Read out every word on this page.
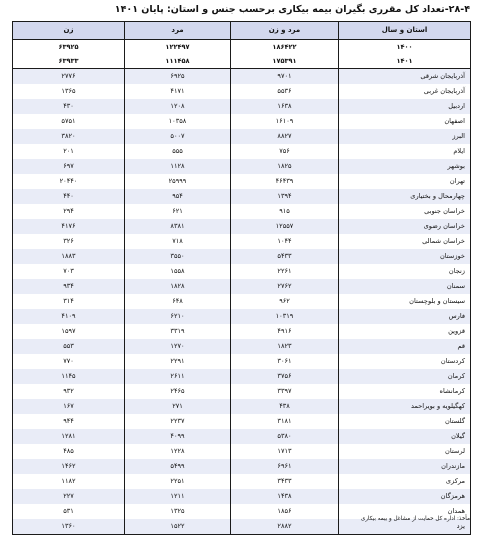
۲۸-۴-تعداد کل مقرری بگیران بیمه بیکاری برحسب جنس و استان: پایان ۱۴۰۱
زن	مرد	مرد و زن	استان و سال
۶۳۹۲۵	۱۲۲۴۹۷	۱۸۶۴۲۲	۱۴۰۰
۶۳۹۳۳	۱۱۱۴۵۸	۱۷۵۳۹۱	۱۴۰۱
۲۷۷۶	۶۹۲۵	۹۷۰۱	آذربایجان شرقی
۱۳۶۵	۴۱۷۱	۵۵۳۶	آذربایجان غربی
۴۳۰	۱۲۰۸	۱۶۳۸	اردبیل
۵۷۵۱	۱۰۳۵۸	۱۶۱۰۹	اصفهان
۳۸۲۰	۵۰۰۷	۸۸۲۷	البرز
۲۰۱	۵۵۵	۷۵۶	ایلام
۶۹۷	۱۱۲۸	۱۸۲۵	بوشهر
۲۰۴۴۰	۲۵۹۹۹	۴۶۴۳۹	تهران
۴۴۰	۹۵۴	۱۳۹۴	چهارمحال و بختیاری
۲۹۴	۶۲۱	۹۱۵	خراسان جنوبی
۴۱۷۶	۸۳۸۱	۱۲۵۵۷	خراسان رضوی
۳۲۶	۷۱۸	۱۰۴۴	خراسان شمالی
۱۸۸۳	۳۵۵۰	۵۴۳۳	خوزستان
۷۰۳	۱۵۵۸	۲۲۶۱	زنجان
۹۳۴	۱۸۲۸	۲۷۶۲	سمنان
۳۱۴	۶۴۸	۹۶۲	سیستان و بلوچستان
۴۱۰۹	۶۲۱۰	۱۰۳۱۹	فارس
۱۵۹۷	۳۳۱۹	۴۹۱۶	قزوین
۵۵۳	۱۲۷۰	۱۸۲۳	قم
۷۷۰	۲۲۹۱	۳۰۶۱	کردستان
۱۱۴۵	۲۶۱۱	۳۷۵۶	کرمان
۹۳۲	۲۴۶۵	۳۳۹۷	کرمانشاه
۱۶۷	۲۷۱	۴۳۸	کهگیلویه و بویراحمد
۹۴۴	۲۲۳۷	۳۱۸۱	گلستان
۱۲۸۱	۴۰۹۹	۵۳۸۰	گیلان
۴۸۵	۱۲۲۸	۱۷۱۳	لرستان
۱۴۶۲	۵۴۹۹	۶۹۶۱	مازندران
۱۱۸۲	۲۲۵۱	۳۴۳۳	مرکزی
۲۲۷	۱۲۱۱	۱۴۳۸	هرمزگان
۵۳۱	۱۳۲۵	۱۸۵۶	همدان
۱۳۶۰	۱۵۲۲	۲۸۸۲	یزد
مأخذ: اداره کل حمایت از مشاغل و بیمه بیکاری
